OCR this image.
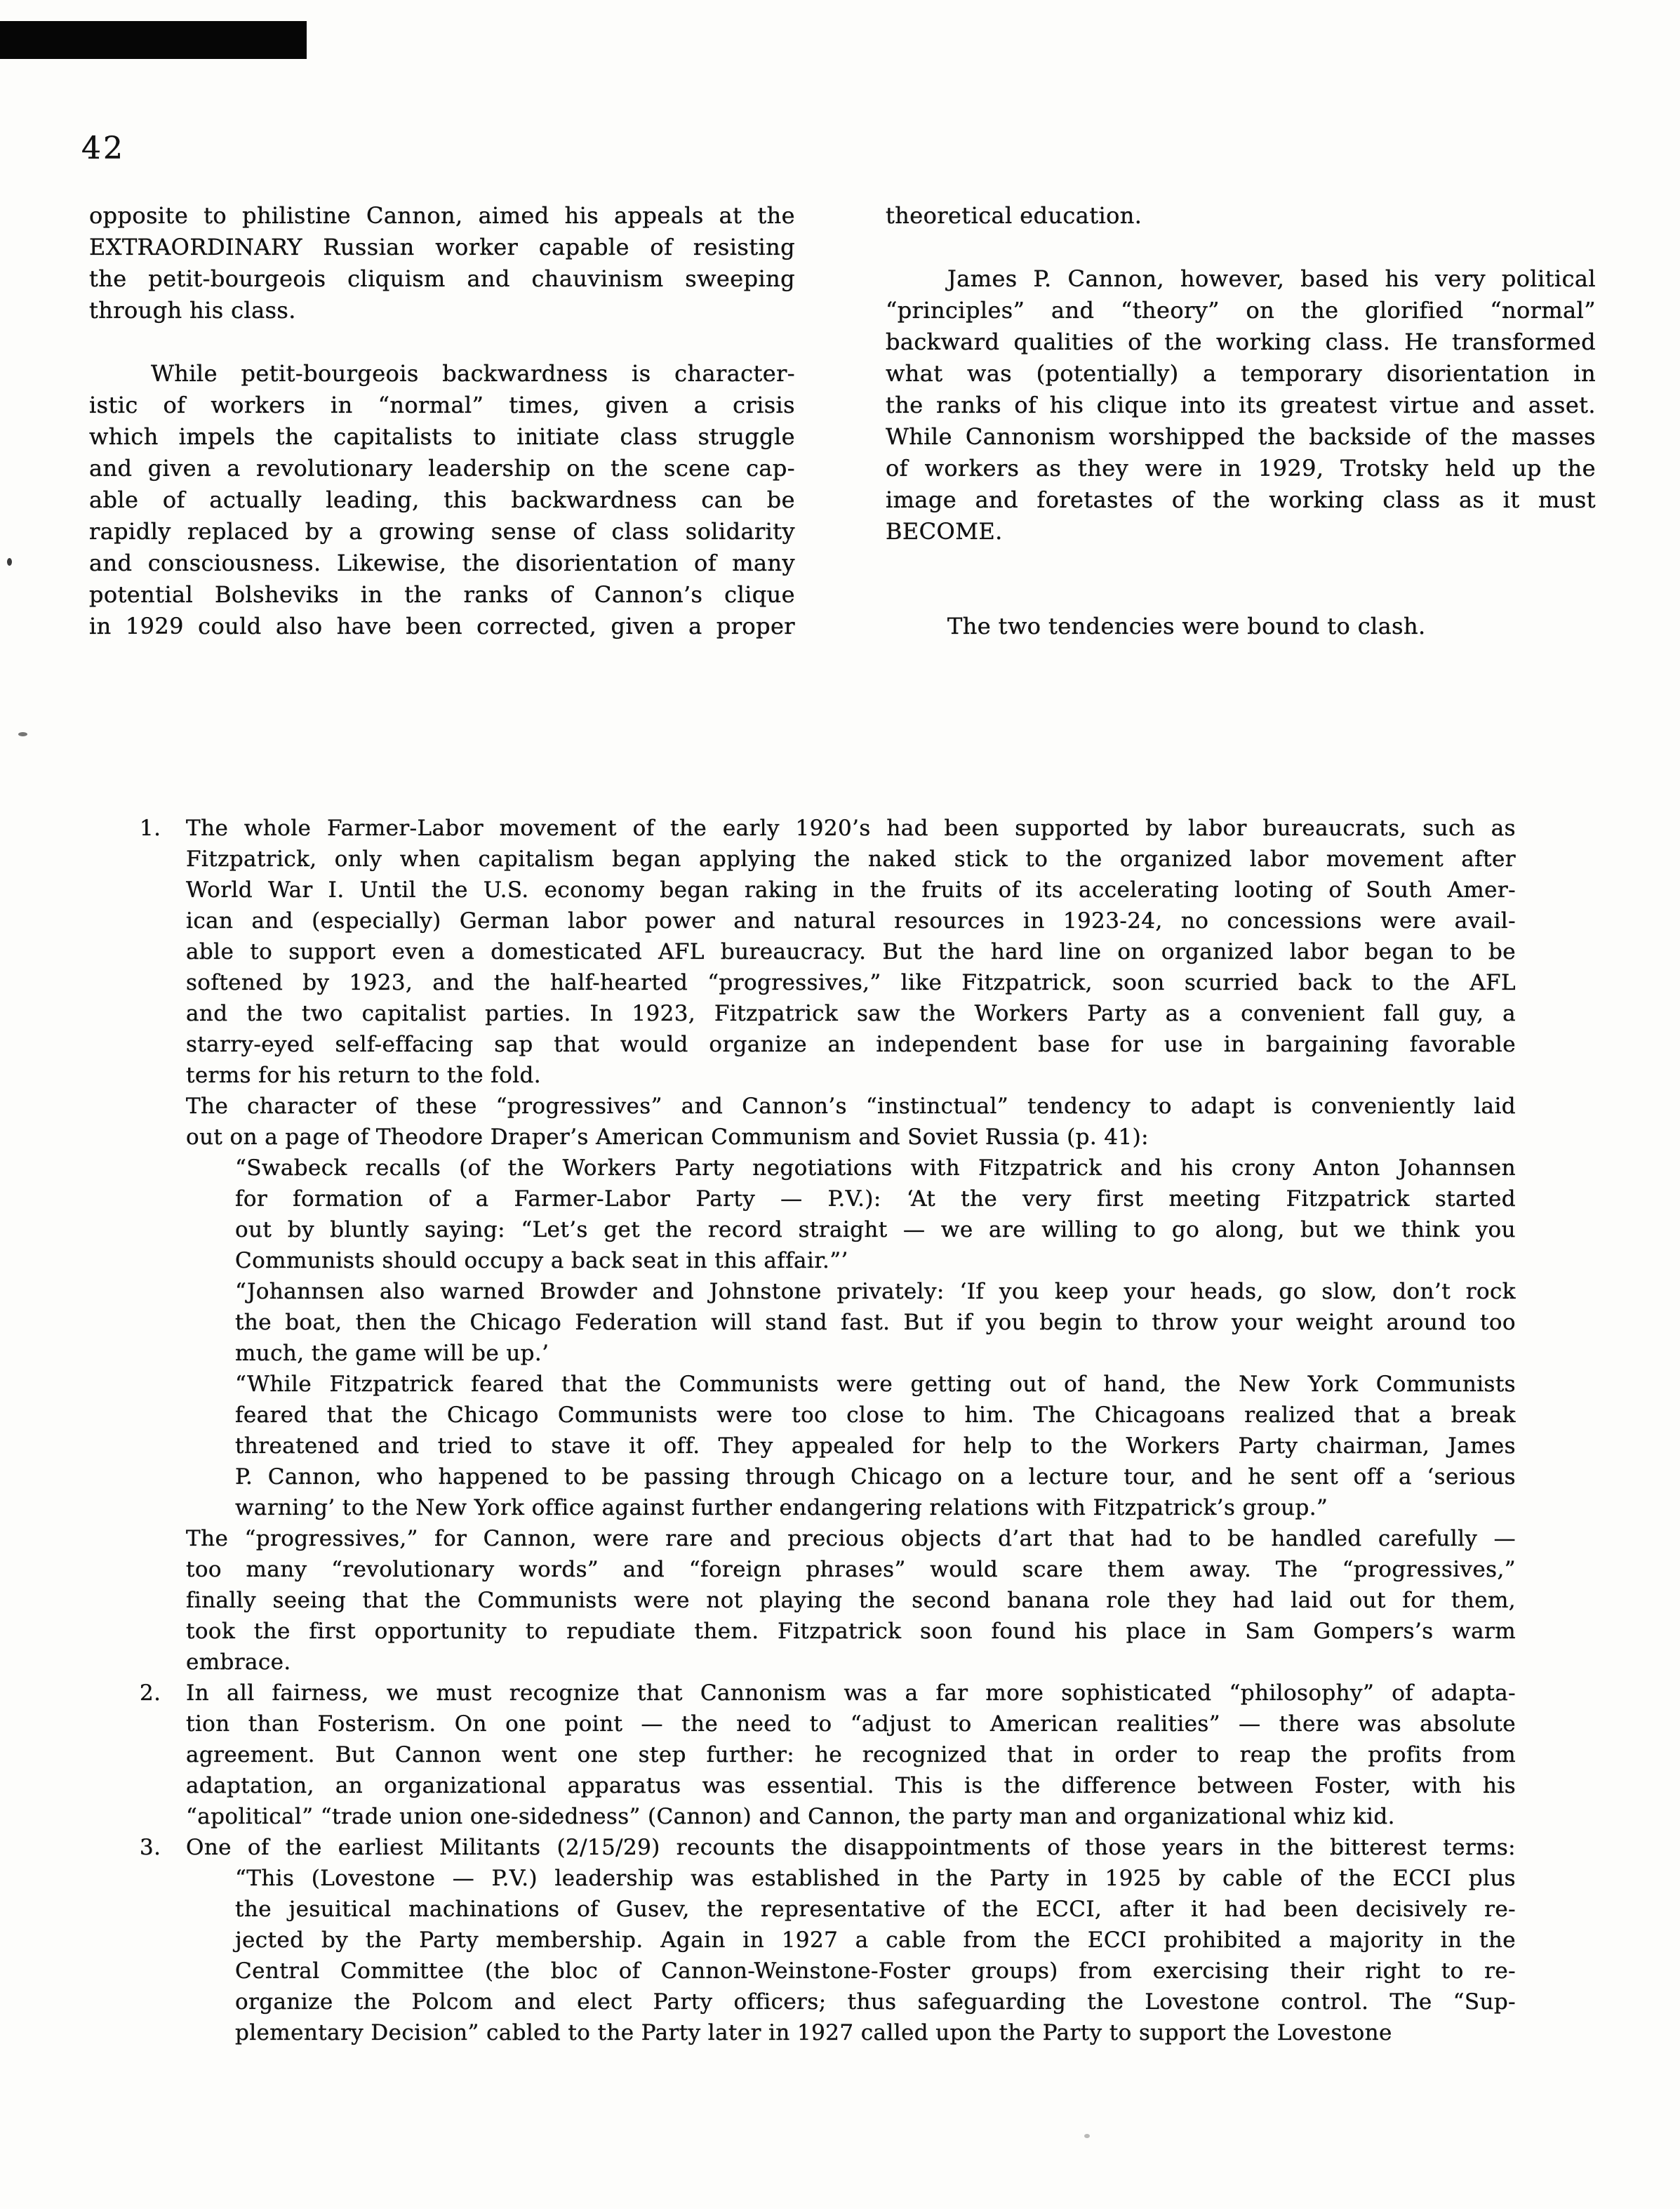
42
opposite to philistine Cannon, aimed his appeals at the
EXTRAORDINARY Russian worker capable of resisting
the petit-bourgeois cliquism and chauvinism sweeping
through his class.
While petit-bourgeois backwardness is character-
istic of workers in “normal” times, given a crisis
which impels the capitalists to initiate class struggle
and given a revolutionary leadership on the scene cap-
able of actually leading, this backwardness can be
rapidly replaced by a growing sense of class solidarity
and consciousness. Likewise, the disorientation of many
potential Bolsheviks in the ranks of Cannon’s clique
in 1929 could also have been corrected, given a proper
theoretical education.
James P. Cannon, however, based his very political
“principles” and “theory” on the glorified “normal”
backward qualities of the working class. He transformed
what was (potentially) a temporary disorientation in
the ranks of his clique into its greatest virtue and asset.
While Cannonism worshipped the backside of the masses
of workers as they were in 1929, Trotsky held up the
image and foretastes of the working class as it must
BECOME.
The two tendencies were bound to clash.
1.	The whole Farmer-Labor movement of the early 1920’s had been supported by labor bureaucrats, such as
Fitzpatrick, only when capitalism began applying the naked stick to the organized labor movement after
World War I. Until the U.S. economy began raking in the fruits of its accelerating looting of South Amer-
ican and (especially) German labor power and natural resources in 1923-24, no concessions were avail-
able to support even a domesticated AFL bureaucracy. But the hard line on organized labor began to be
softened by 1923, and the half-hearted “progressives,” like Fitzpatrick, soon scurried back to the AFL
and the two capitalist parties. In 1923, Fitzpatrick saw the Workers Party as a convenient fall guy, a
starry-eyed self-effacing sap that would organize an independent base for use in bargaining favorable
terms for his return to the fold.
The character of these “progressives” and Cannon’s “instinctual” tendency to adapt is conveniently laid
out on a page of Theodore Draper’s American Communism and Soviet Russia (p. 41):
“Swabeck recalls (of the Workers Party negotiations with Fitzpatrick and his crony Anton Johannsen
for formation of a Farmer-Labor Party — P.V.): ‘At the very first meeting Fitzpatrick started
out by bluntly saying: “Let’s get the record straight — we are willing to go along, but we think you
Communists should occupy a back seat in this affair.”’
“Johannsen also warned Browder and Johnstone privately: ‘If you keep your heads, go slow, don’t rock
the boat, then the Chicago Federation will stand fast. But if you begin to throw your weight around too
much, the game will be up.’
“While Fitzpatrick feared that the Communists were getting out of hand, the New York Communists
feared that the Chicago Communists were too close to him. The Chicagoans realized that a break
threatened and tried to stave it off. They appealed for help to the Workers Party chairman, James
P. Cannon, who happened to be passing through Chicago on a lecture tour, and he sent off a ‘serious
warning’ to the New York office against further endangering relations with Fitzpatrick’s group.”
The “progressives,” for Cannon, were rare and precious objects d’art that had to be handled carefully —
too many “revolutionary words” and “foreign phrases” would scare them away. The “progressives,”
finally seeing that the Communists were not playing the second banana role they had laid out for them,
took the first opportunity to repudiate them. Fitzpatrick soon found his place in Sam Gompers’s warm
embrace.
2.	In all fairness, we must recognize that Cannonism was a far more sophisticated “philosophy” of adapta-
tion than Fosterism. On one point — the need to “adjust to American realities” — there was absolute
agreement. But Cannon went one step further: he recognized that in order to reap the profits from
adaptation, an organizational apparatus was essential. This is the difference between Foster, with his
“apolitical” “trade union one-sidedness” (Cannon) and Cannon, the party man and organizational whiz kid.
3.	One of the earliest Militants (2/15/29) recounts the disappointments of those years in the bitterest terms:
“This (Lovestone — P.V.) leadership was established in the Party in 1925 by cable of the ECCI plus
the jesuitical machinations of Gusev, the representative of the ECCI, after it had been decisively re-
jected by the Party membership. Again in 1927 a cable from the ECCI prohibited a majority in the
Central Committee (the bloc of Cannon-Weinstone-Foster groups) from exercising their right to re-
organize the Polcom and elect Party officers; thus safeguarding the Lovestone control. The “Sup-
plementary Decision” cabled to the Party later in 1927 called upon the Party to support the Lovestone
